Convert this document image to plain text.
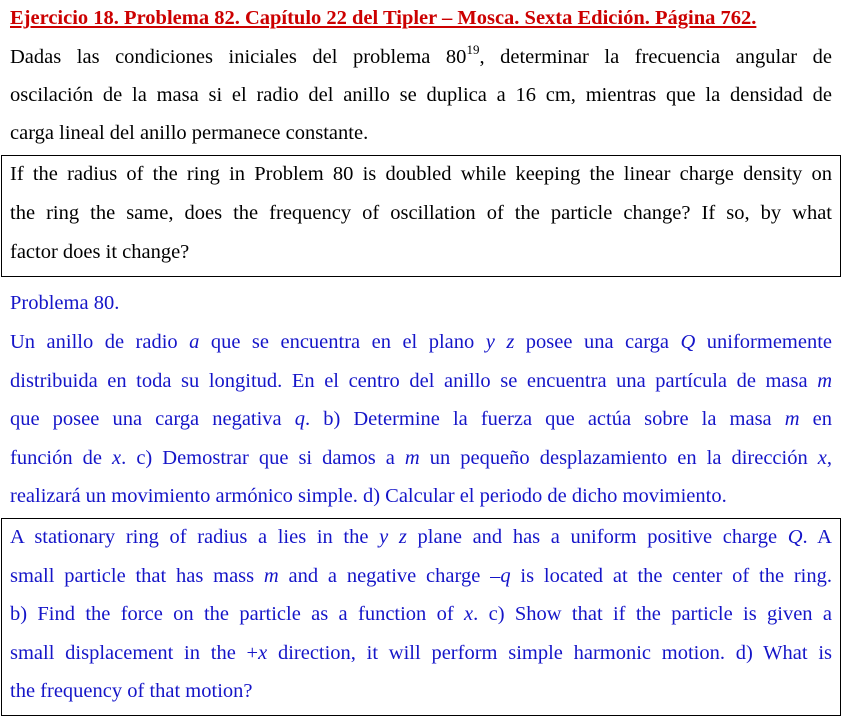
Ejercicio 18. Problema 82. Capítulo 22 del Tipler – Mosca. Sexta Edición. Página 762.
Dadas las condiciones iniciales del problema $80^{19}$, determinar la frecuencia angular de
oscilación de la masa si el radio del anillo se duplica a 16 cm, mientras que la densidad de
carga lineal del anillo permanece constante.
If the radius of the ring in Problem 80 is doubled while keeping the linear charge density on
the ring the same, does the frequency of oscillation of the particle change? If so, by what
factor does it change?
Problema 80.
Un anillo de radio a que se encuentra en el plano y z posee una carga Q uniformemente
distribuida en toda su longitud. En el centro del anillo se encuentra una partícula de masa m
que posee una carga negativa q. b) Determine la fuerza que actúa sobre la masa m en
función de x. c) Demostrar que si damos a m un pequeño desplazamiento en la dirección x,
realizará un movimiento armónico simple. d) Calcular el periodo de dicho movimiento.
A stationary ring of radius a lies in the y z plane and has a uniform positive charge Q. A
small particle that has mass m and a negative charge –q is located at the center of the ring.
b) Find the force on the particle as a function of x. c) Show that if the particle is given a
small displacement in the +x direction, it will perform simple harmonic motion. d) What is
the frequency of that motion?
